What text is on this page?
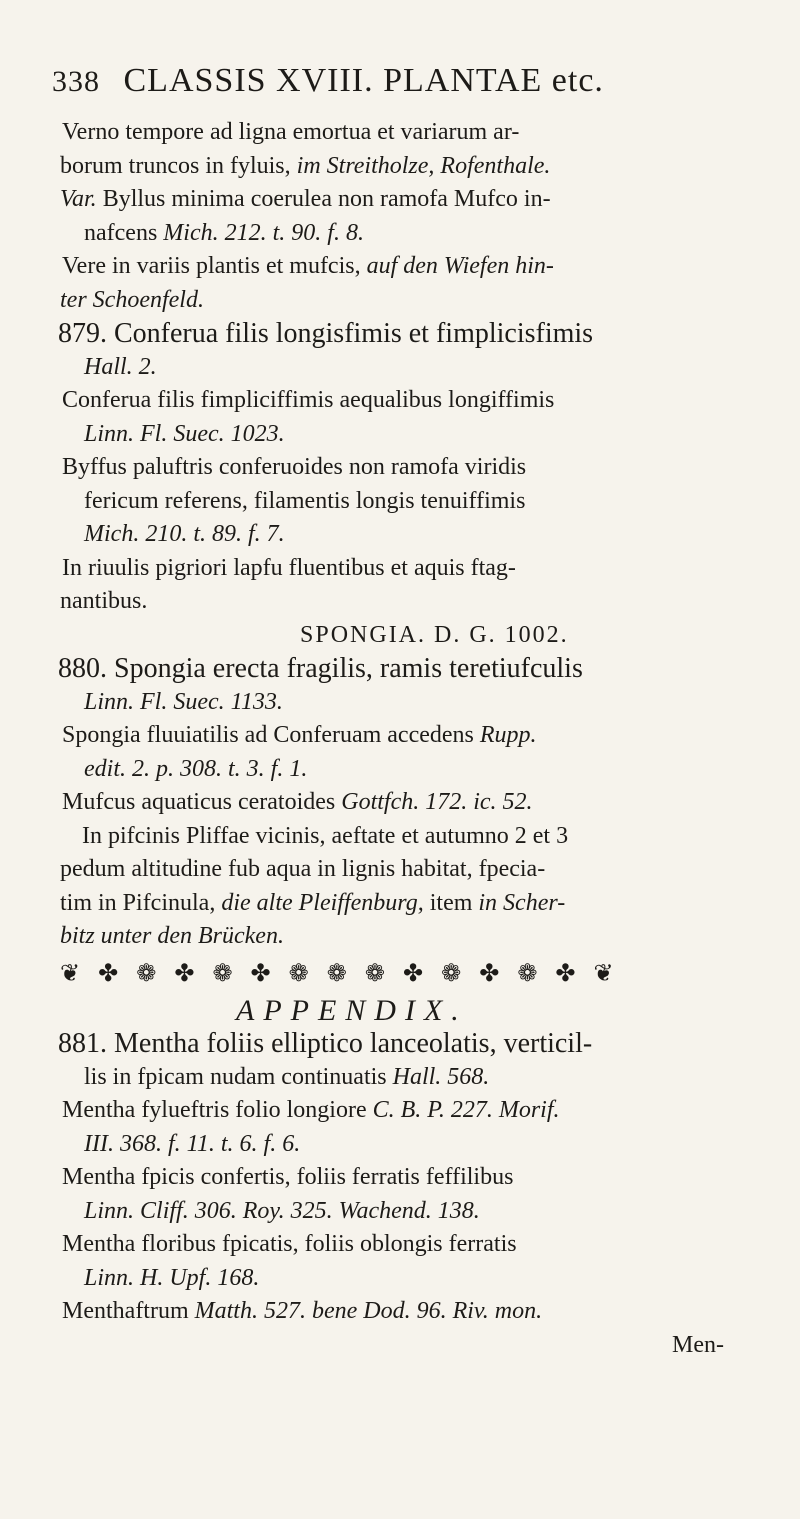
338 CLASSIS XVIII. PLANTAE etc.
Verno tempore ad ligna emortua et variarum ar-
borum truncos in fyluis, im Streitholze, Rofenthale.
Var. Byllus minima coerulea non ramofa Mufco in-
nafcens Mich. 212. t. 90. f. 8.
Vere in variis plantis et mufcis, auf den Wiefen hin-
ter Schoenfeld.
879. Conferua filis longisfimis et fimplicisfimis
Hall. 2.
Conferua filis fimpliciffimis aequalibus longiffimis
Linn. Fl. Suec. 1023.
Byffus paluftris conferuoides non ramofa viridis
fericum referens, filamentis longis tenuiffimis
Mich. 210. t. 89. f. 7.
In riuulis pigriori lapfu fluentibus et aquis ftag-
nantibus.
SPONGIA. D. G. 1002.
880. Spongia erecta fragilis, ramis teretiufculis
Linn. Fl. Suec. 1133.
Spongia fluuiatilis ad Conferuam accedens Rupp.
edit. 2. p. 308. t. 3. f. 1.
Mufcus aquaticus ceratoides Gottfch. 172. ic. 52.
In pifcinis Pliffae vicinis, aeftate et autumno 2 et 3
pedum altitudine fub aqua in lignis habitat, fpecia-
tim in Pifcinula, die alte Pleiffenburg, item in Scher-
bitz unter den Brücken.
❦ ✤ ❁ ✤ ❁ ✤ ❁ ❁ ❁ ✤ ❁ ✤ ❁ ✤ ❦
APPENDIX.
881. Mentha foliis elliptico lanceolatis, verticil-
lis in fpicam nudam continuatis Hall. 568.
Mentha fylueftris folio longiore C. B. P. 227. Morif.
III. 368. f. 11. t. 6. f. 6.
Mentha fpicis confertis, foliis ferratis feffilibus
Linn. Cliff. 306. Roy. 325. Wachend. 138.
Mentha floribus fpicatis, foliis oblongis ferratis
Linn. H. Upf. 168.
Menthaftrum Matth. 527. bene Dod. 96. Riv. mon.
Men-
